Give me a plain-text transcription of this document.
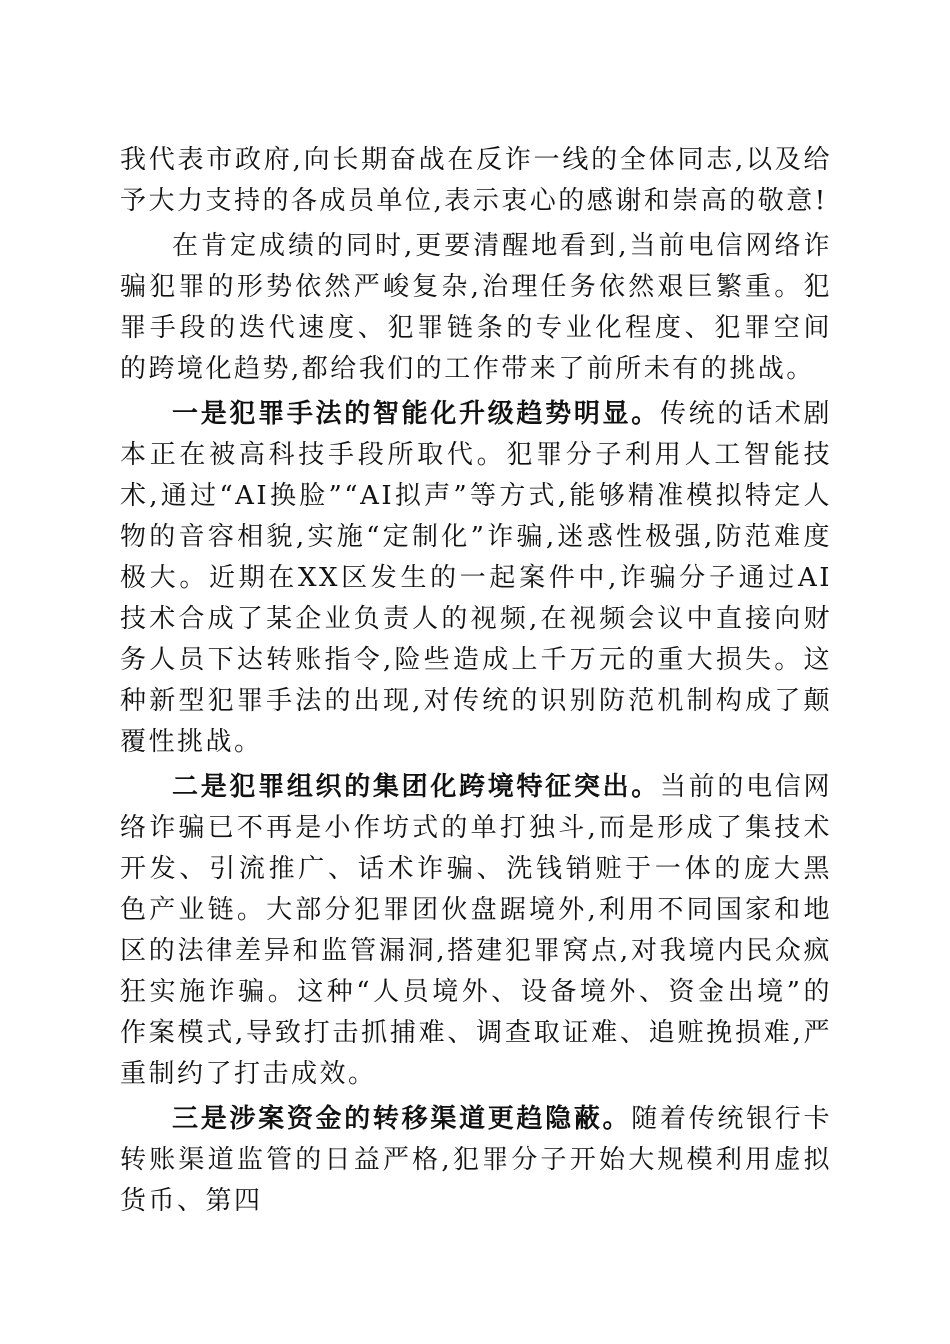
我代表市政府,向长期奋战在反诈一线的全体同志,以及给予大力支持的各成员单位,表示衷心的感谢和崇高的敬意!

在肯定成绩的同时,更要清醒地看到,当前电信网络诈骗犯罪的形势依然严峻复杂,治理任务依然艰巨繁重。犯罪手段的迭代速度、犯罪链条的专业化程度、犯罪空间的跨境化趋势,都给我们的工作带来了前所未有的挑战。

一是犯罪手法的智能化升级趋势明显。传统的话术剧本正在被高科技手段所取代。犯罪分子利用人工智能技术,通过“AI换脸”“AI拟声”等方式,能够精准模拟特定人物的音容相貌,实施“定制化”诈骗,迷惑性极强,防范难度极大。近期在XX区发生的一起案件中,诈骗分子通过AI技术合成了某企业负责人的视频,在视频会议中直接向财务人员下达转账指令,险些造成上千万元的重大损失。这种新型犯罪手法的出现,对传统的识别防范机制构成了颠覆性挑战。

二是犯罪组织的集团化跨境特征突出。当前的电信网络诈骗已不再是小作坊式的单打独斗,而是形成了集技术开发、引流推广、话术诈骗、洗钱销赃于一体的庞大黑色产业链。大部分犯罪团伙盘踞境外,利用不同国家和地区的法律差异和监管漏洞,搭建犯罪窝点,对我境内民众疯狂实施诈骗。这种“人员境外、设备境外、资金出境”的作案模式,导致打击抓捕难、调查取证难、追赃挽损难,严重制约了打击成效。

三是涉案资金的转移渠道更趋隐蔽。随着传统银行卡转账渠道监管的日益严格,犯罪分子开始大规模利用虚拟货币、第四
